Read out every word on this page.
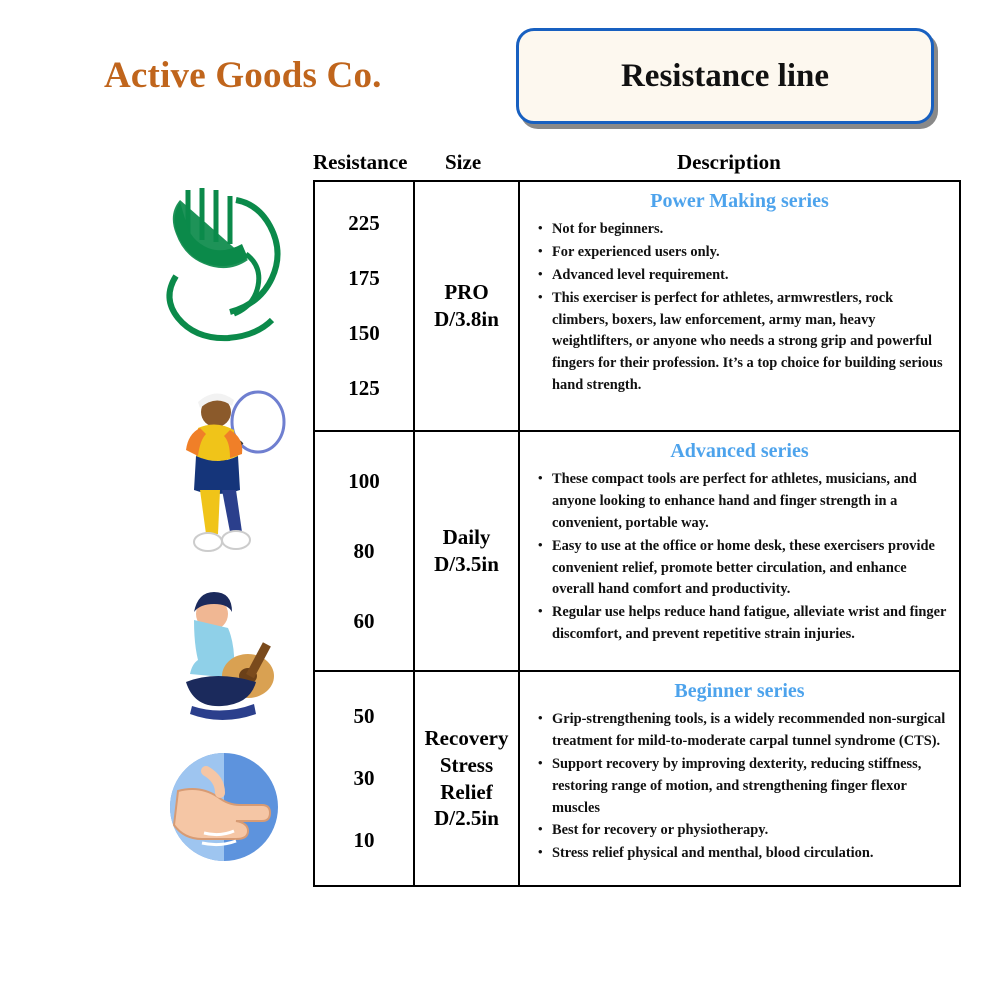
Active Goods Co.	Resistance line
Resistance Size	Description
225
175
150
125
PRO
D/3.8in
Power Making series
• Not for beginners.
• For experienced users only.
• Advanced level requirement.
• This exerciser is perfect for athletes, armwrestlers, rock climbers, boxers, law enforcement, army man, heavy weightlifters, or anyone who needs a strong grip and powerful fingers for their profession. It’s a top choice for building serious hand strength.
100
80
60
Daily
D/3.5in
Advanced series
• These compact tools are perfect for athletes, musicians, and anyone looking to enhance hand and finger strength in a convenient, portable way.
• Easy to use at the office or home desk, these exercisers provide convenient relief, promote better circulation, and enhance overall hand comfort and productivity.
• Regular use helps reduce hand fatigue, alleviate wrist and finger discomfort, and prevent repetitive strain injuries.
50
30
10
Recovery
Stress
Relief
D/2.5in
Beginner series
• Grip-strengthening tools, is a widely recommended non-surgical treatment for mild-to-moderate carpal tunnel syndrome (CTS).
• Support recovery by improving dexterity, reducing stiffness, restoring range of motion, and strengthening finger flexor muscles
• Best for recovery or physiotherapy.
• Stress relief physical and menthal, blood circulation.
